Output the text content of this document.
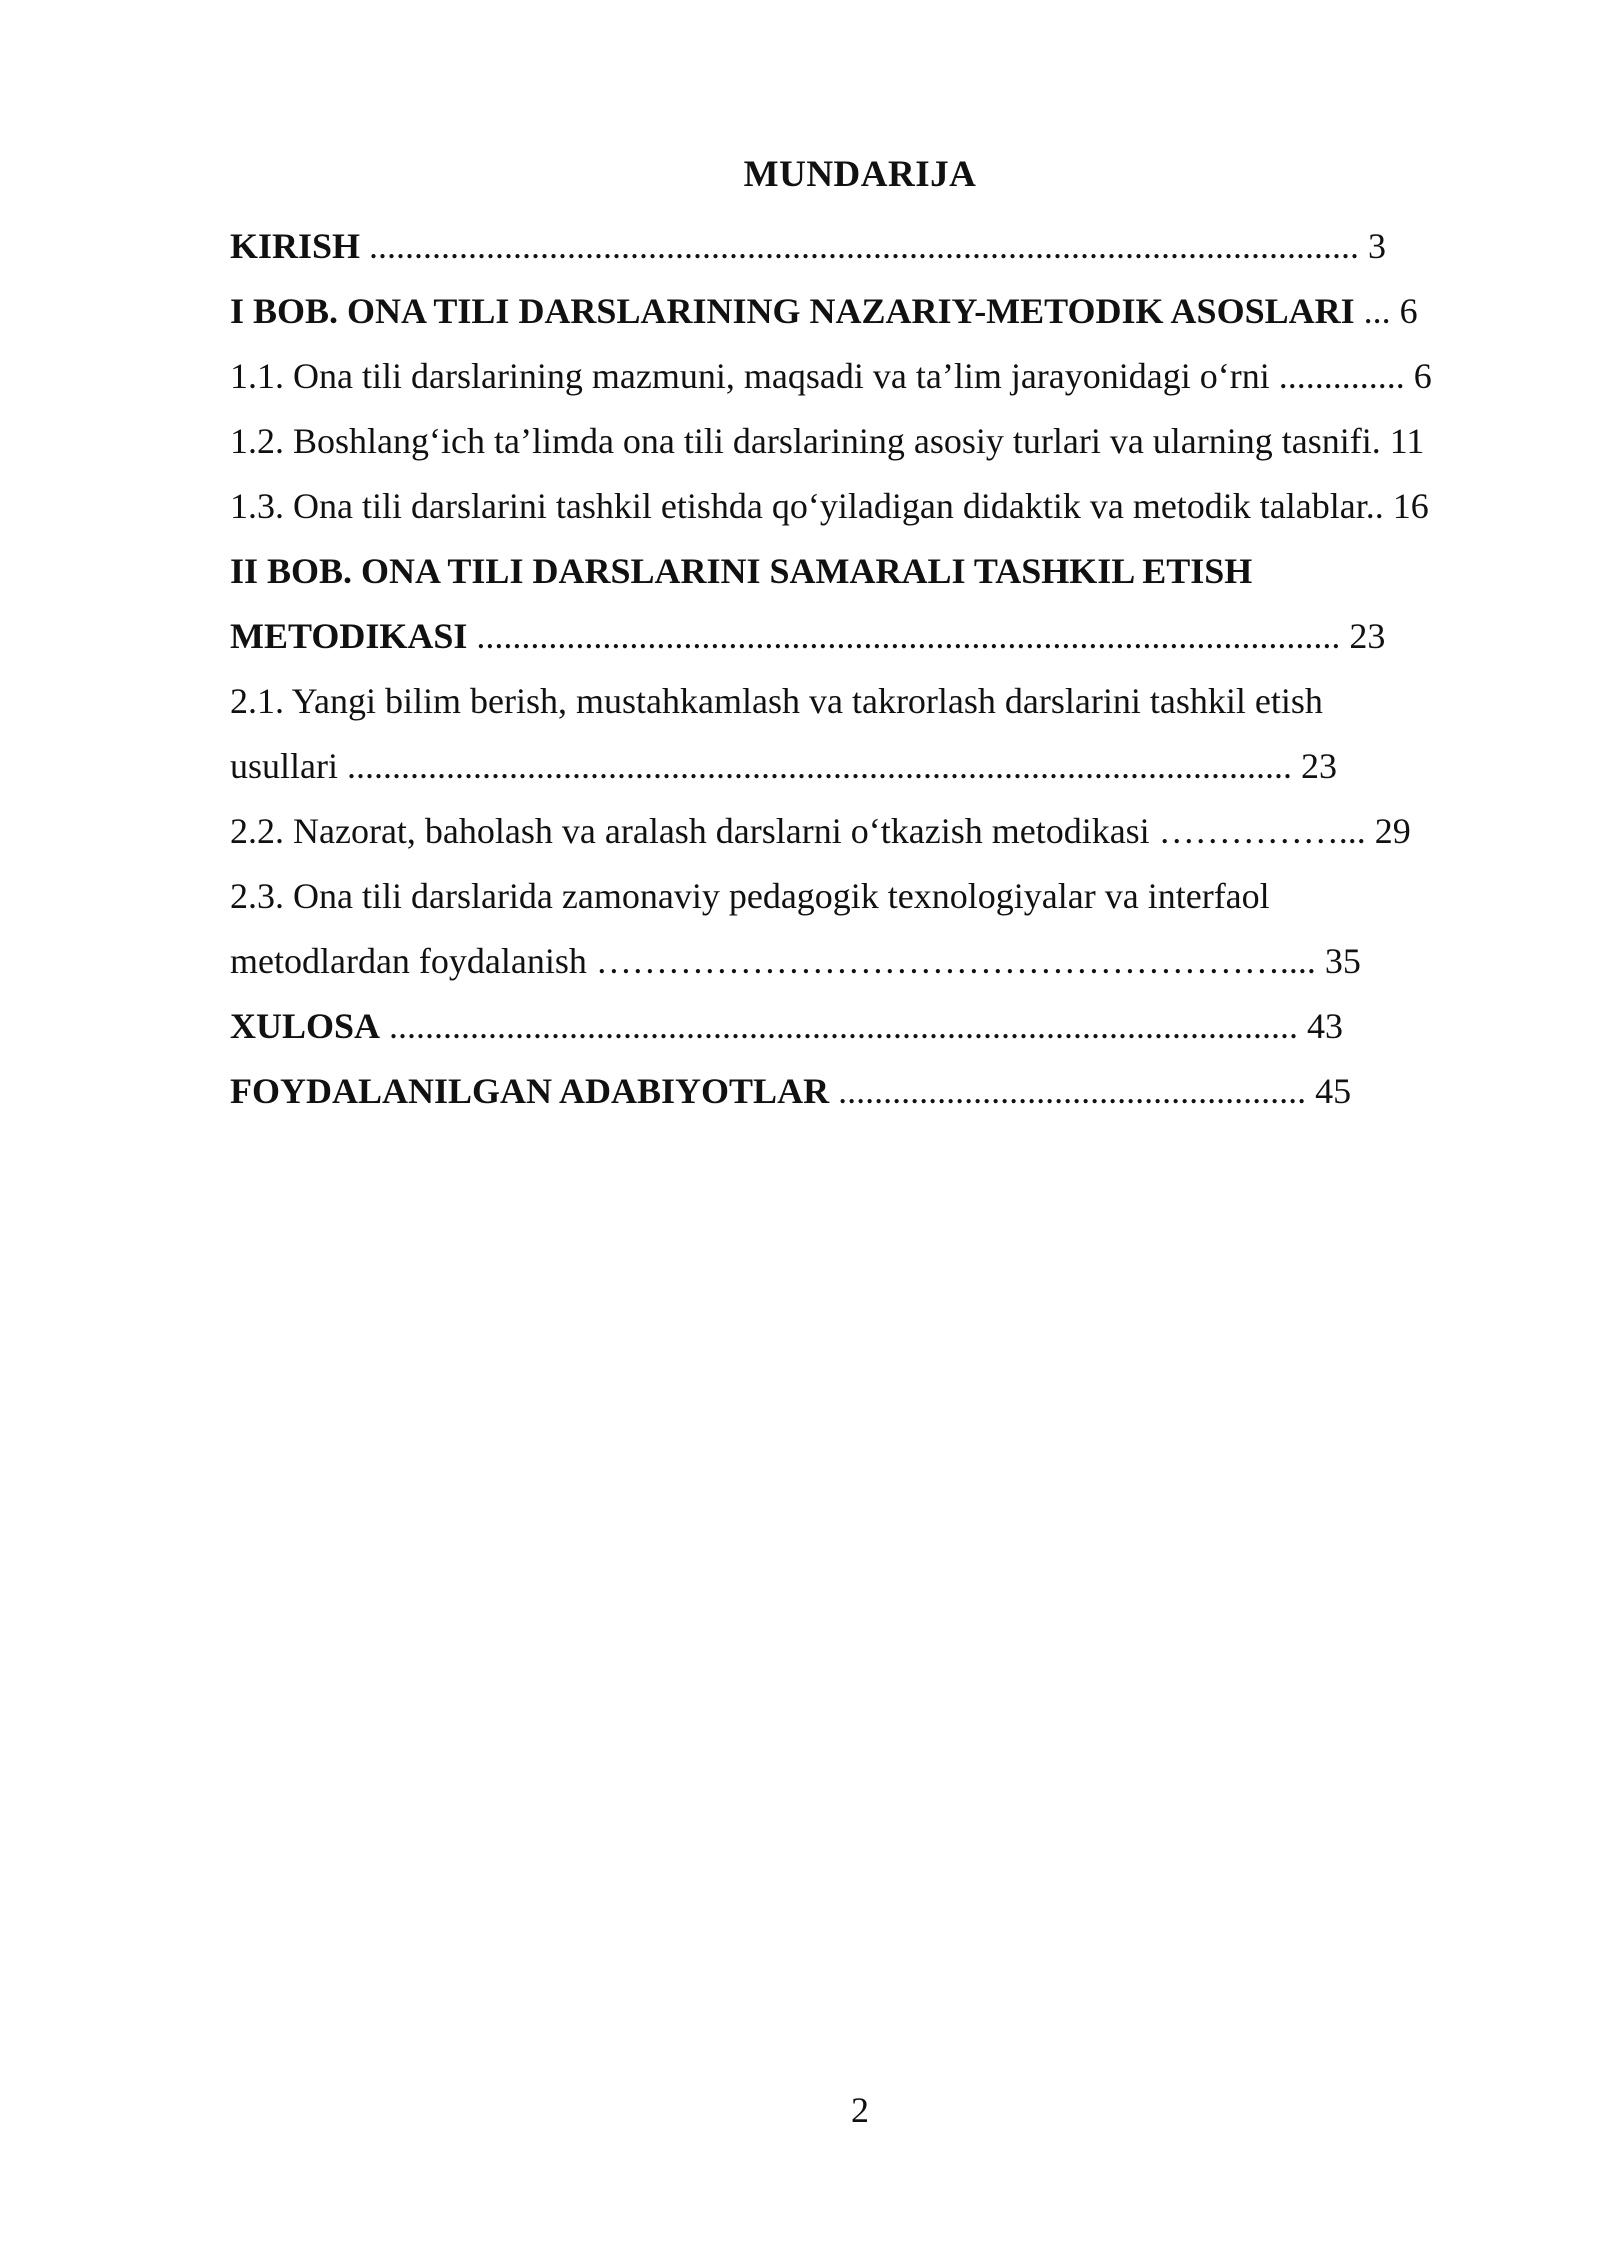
MUNDARIJA
KIRISH .............................................................................................................. 3
I BOB. ONA TILI DARSLARINING NAZARIY-METODIK ASOSLARI ... 6
1.1. Ona tili darslarining mazmuni, maqsadi va ta’lim jarayonidagi o‘rni .............. 6
1.2. Boshlang‘ich ta’limda ona tili darslarining asosiy turlari va ularning tasnifi. 11
1.3. Ona tili darslarini tashkil etishda qo‘yiladigan didaktik va metodik talablar.. 16
II BOB. ONA TILI DARSLARINI SAMARALI TASHKIL ETISH
METODIKASI ................................................................................................ 23
2.1. Yangi bilim berish, mustahkamlash va takrorlash darslarini tashkil etish
usullari ......................................................................................................... 23
2.2. Nazorat, baholash va aralash darslarni o‘tkazish metodikasi ……………... 29
2.3. Ona tili darslarida zamonaviy pedagogik texnologiyalar va interfaol
metodlardan foydalanish ………………………………………………….... 35
XULOSA ..................................................................................................... 43
FOYDALANILGAN ADABIYOTLAR .................................................... 45
2
